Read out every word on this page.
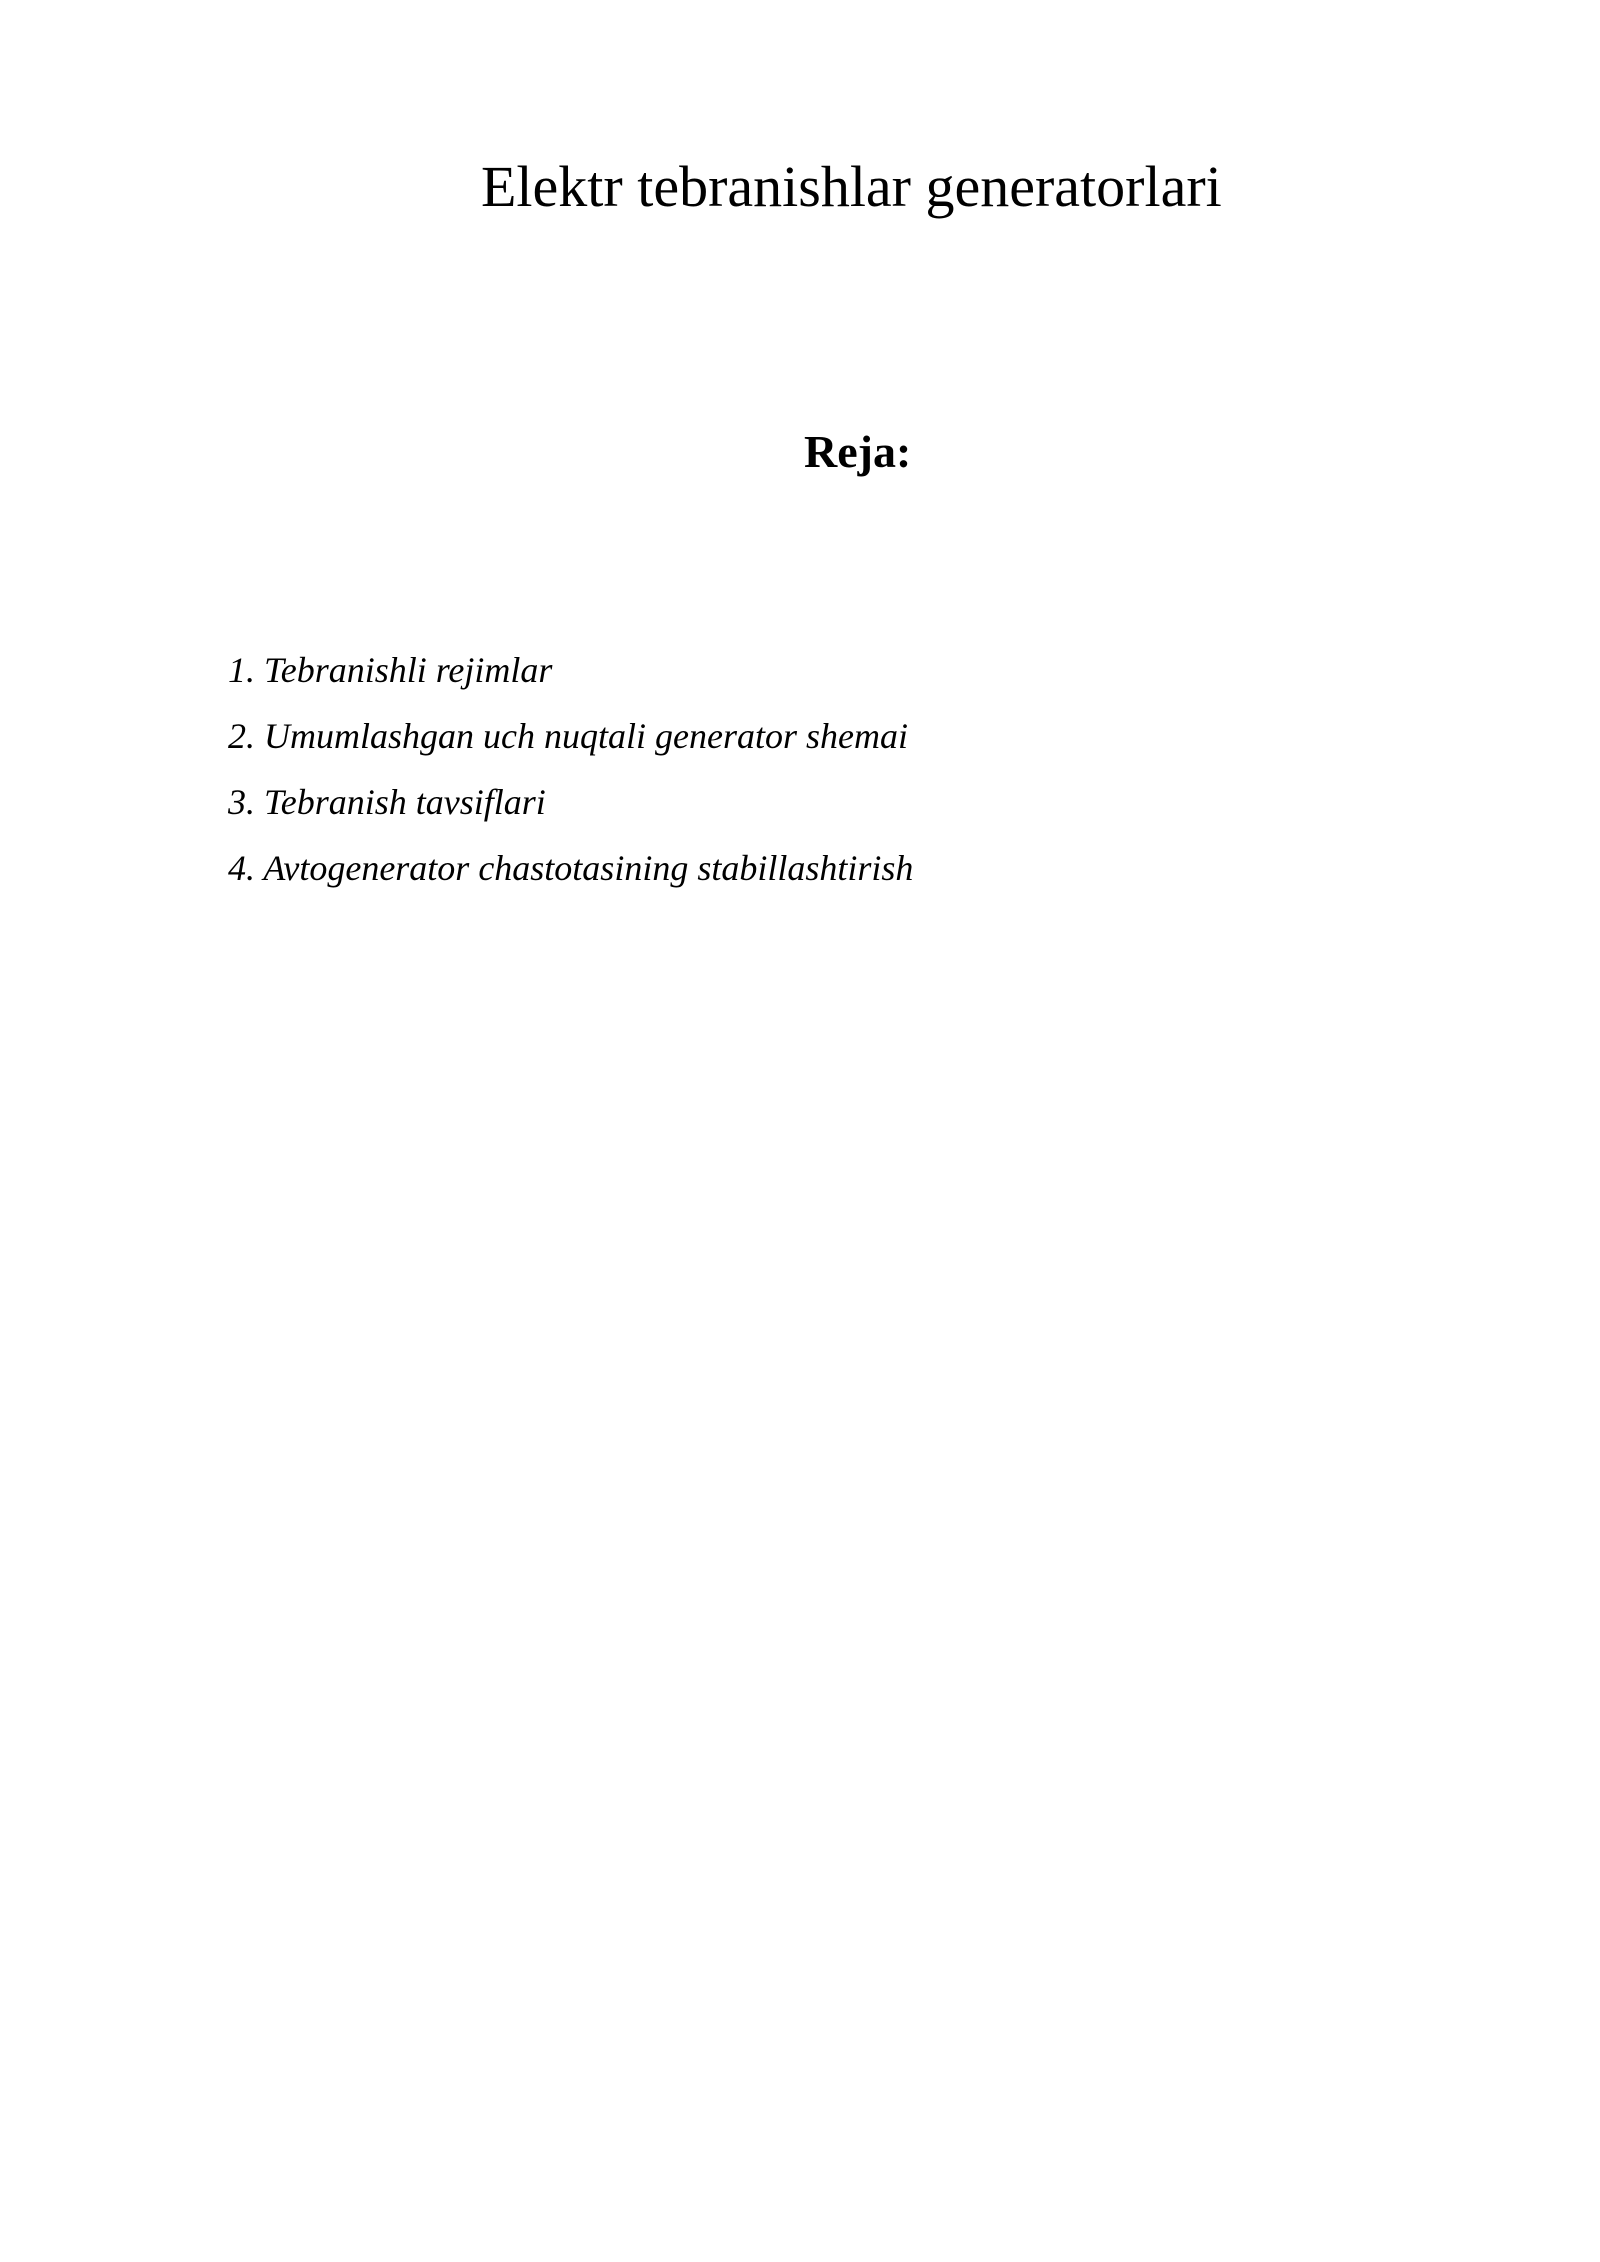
Elektr tebranishlar generatorlari
Reja:
1. Tebranishli rejimlar
2. Umumlashgan uch nuqtali generator shemai
3. Tebranish tavsiflari
4. Avtogenerator chastotasining stabillashtirish
